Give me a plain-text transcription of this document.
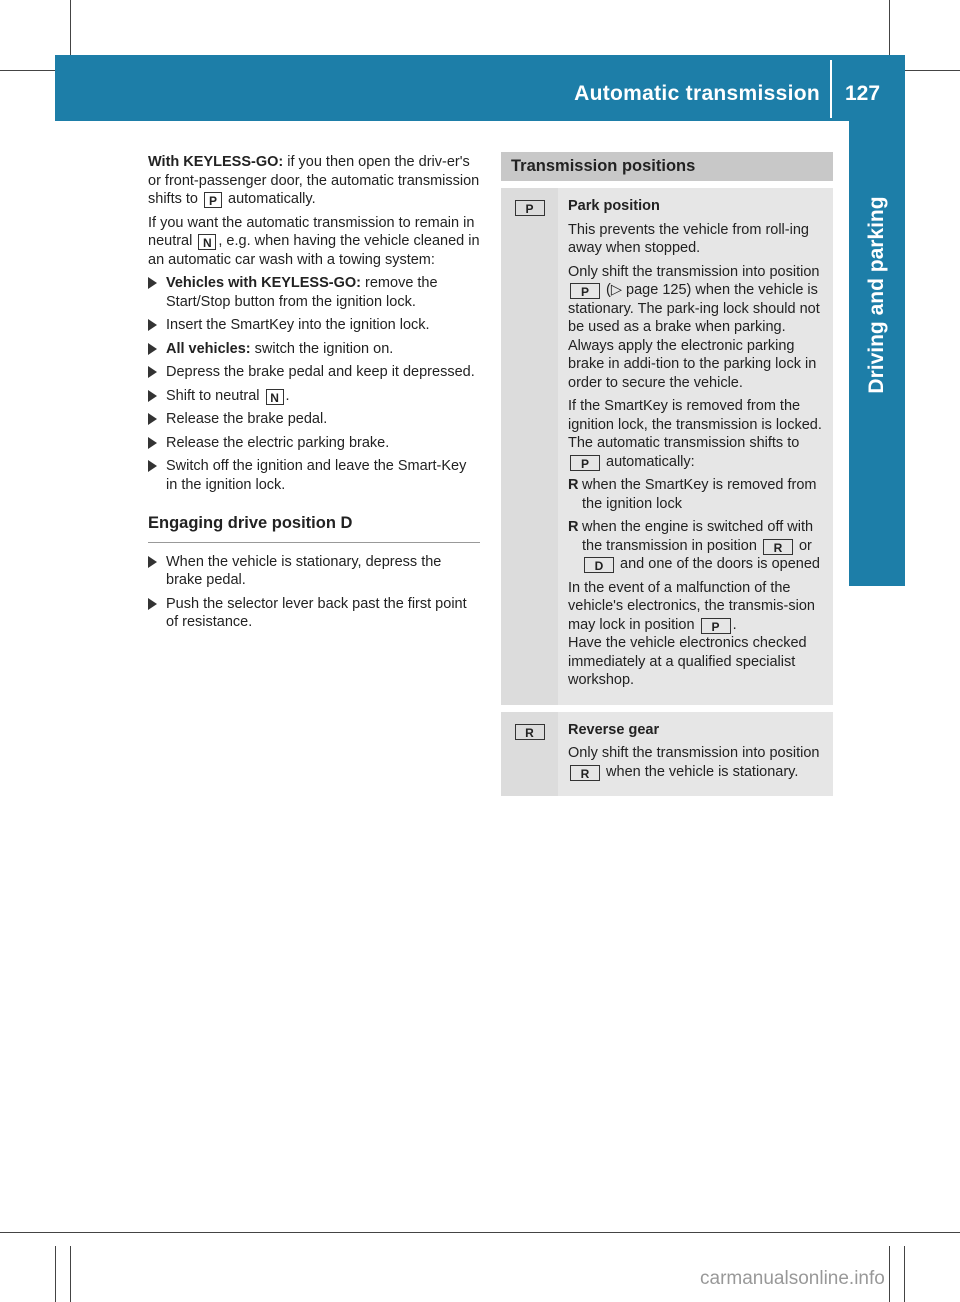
Automatic transmission 127
Driving and parking

With KEYLESS-GO: if you then open the driv-er's or front-passenger door, the automatic transmission shifts to P automatically.

If you want the automatic transmission to remain in neutral N , e.g. when having the vehicle cleaned in an automatic car wash with a towing system:

Vehicles with KEYLESS-GO: remove the Start/Stop button from the ignition lock.
Insert the SmartKey into the ignition lock.
All vehicles: switch the ignition on.
Depress the brake pedal and keep it depressed.
Shift to neutral N .
Release the brake pedal.
Release the electric parking brake.
Switch off the ignition and leave the Smart-Key in the ignition lock.
Engaging drive position D
When the vehicle is stationary, depress the brake pedal.
Push the selector lever back past the first point of resistance.
Transmission positions
P	Park position

This prevents the vehicle from roll-ing away when stopped.

Only shift the transmission into position P (▷ page 125) when the vehicle is stationary. The park-ing lock should not be used as a brake when parking. Always apply the electronic parking brake in addi-tion to the parking lock in order to secure the vehicle.

If the SmartKey is removed from the ignition lock, the transmission is locked.

The automatic transmission shifts to P automatically:

R when the SmartKey is removed from the ignition lock
R when the engine is switched off with the transmission in position R or D and one of the doors is opened

In the event of a malfunction of the vehicle's electronics, the transmis-sion may lock in position P .

Have the vehicle electronics checked immediately at a qualified specialist workshop.

R	Reverse gear

Only shift the transmission into position R when the vehicle is stationary.

carmanualsonline.info
